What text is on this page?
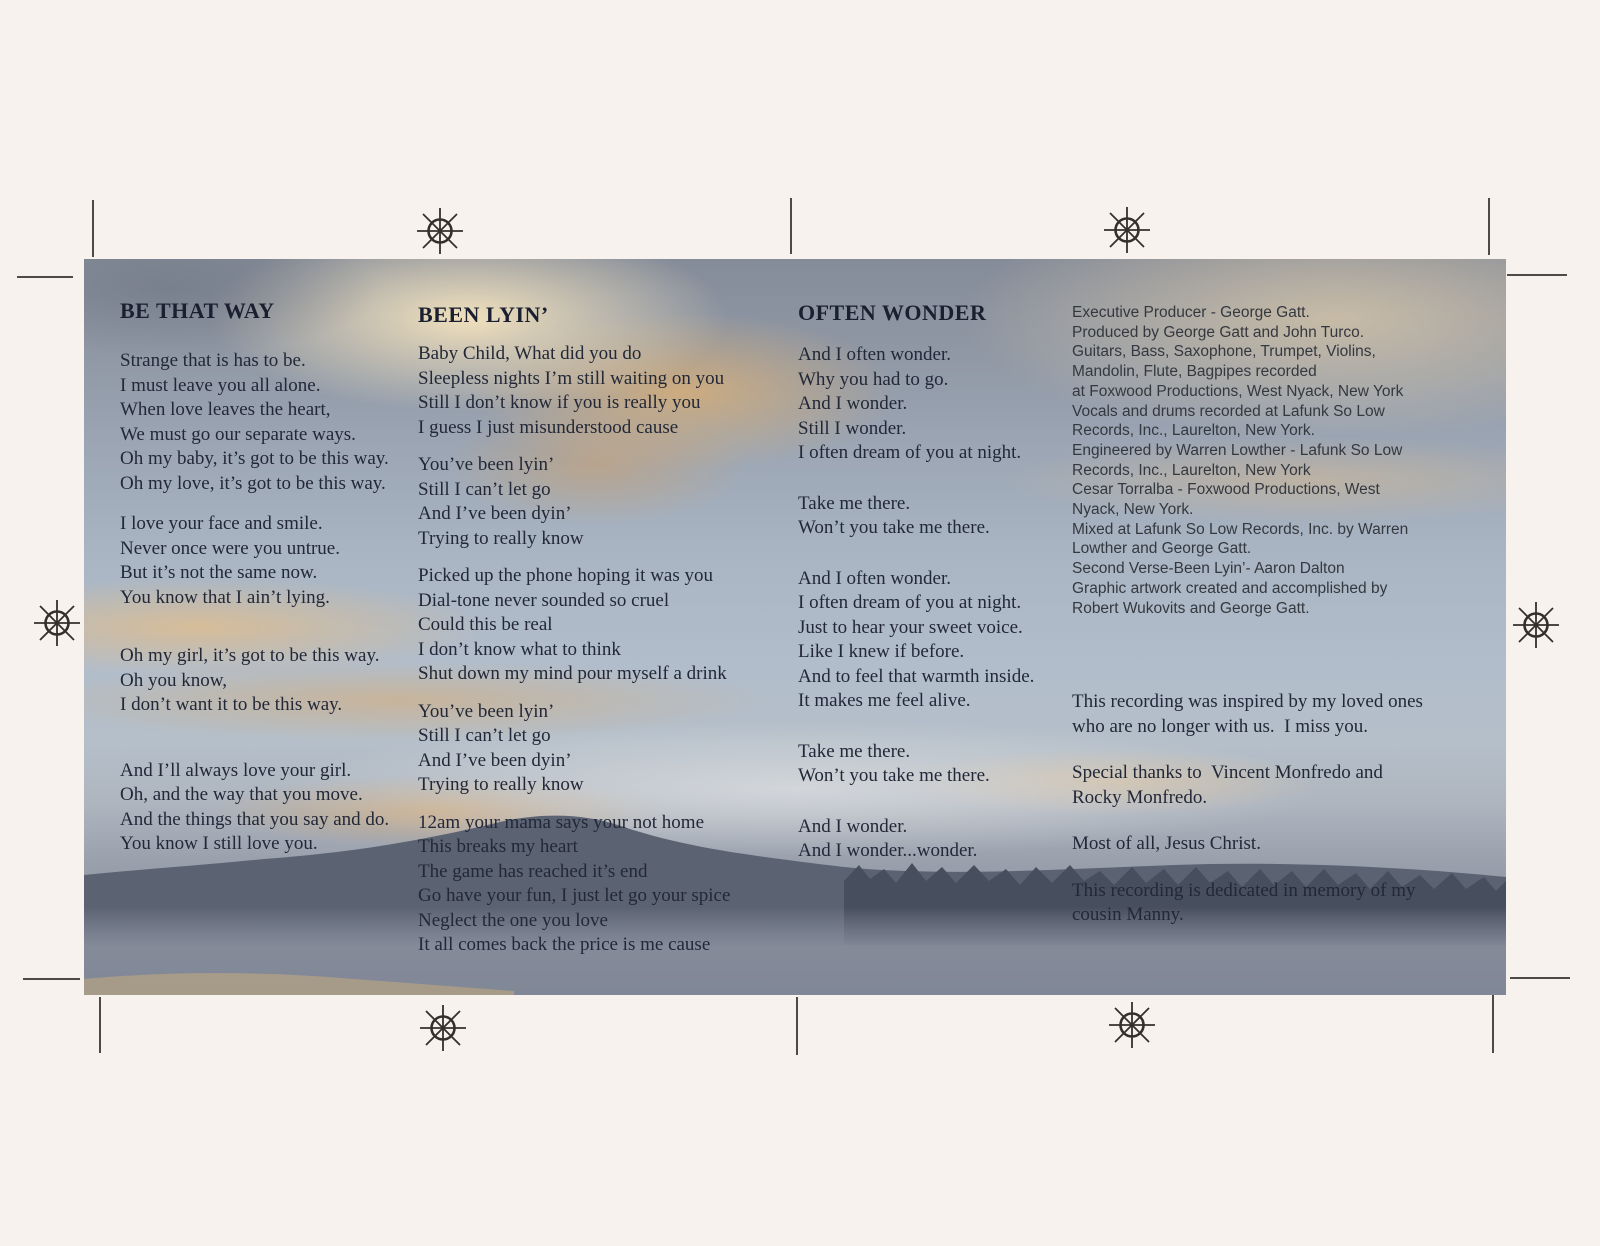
BE THAT WAY

Strange that is has to be.
I must leave you all alone.
When love leaves the heart,
We must go our separate ways.
Oh my baby, it’s got to be this way.
Oh my love, it’s got to be this way.

I love your face and smile.
Never once were you untrue.
But it’s not the same now.
You know that I ain’t lying.

Oh my girl, it’s got to be this way.
Oh you know,
I don’t want it to be this way.

And I’ll always love your girl.
Oh, and the way that you move.
And the things that you say and do.
You know I still love you.

BEEN LYIN’

Baby Child, What did you do
Sleepless nights I’m still waiting on you
Still I don’t know if you is really you
I guess I just misunderstood cause

You’ve been lyin’
Still I can’t let go
And I’ve been dyin’
Trying to really know

Picked up the phone hoping it was you
Dial-tone never sounded so cruel
Could this be real
I don’t know what to think
Shut down my mind pour myself a drink

You’ve been lyin’
Still I can’t let go
And I’ve been dyin’
Trying to really know

12am your mama says your not home
This breaks my heart
The game has reached it’s end
Go have your fun, I just let go your spice
Neglect the one you love
It all comes back the price is me cause

OFTEN WONDER

And I often wonder.
Why you had to go.
And I wonder.
Still I wonder.
I often dream of you at night.

Take me there.
Won’t you take me there.

And I often wonder.
I often dream of you at night.
Just to hear your sweet voice.
Like I knew if before.
And to feel that warmth inside.
It makes me feel alive.

Take me there.
Won’t you take me there.

And I wonder.
And I wonder...wonder.

Executive Producer - George Gatt.
Produced by George Gatt and John Turco.
Guitars, Bass, Saxophone, Trumpet, Violins,
Mandolin, Flute, Bagpipes recorded
at Foxwood Productions, West Nyack, New York
Vocals and drums recorded at Lafunk So Low
Records, Inc., Laurelton, New York.
Engineered by Warren Lowther - Lafunk So Low
Records, Inc., Laurelton, New York
Cesar Torralba - Foxwood Productions, West
Nyack, New York.
Mixed at Lafunk So Low Records, Inc. by Warren
Lowther and George Gatt.
Second Verse-Been Lyin’- Aaron Dalton
Graphic artwork created and accomplished by
Robert Wukovits and George Gatt.

This recording was inspired by my loved ones
who are no longer with us.  I miss you.

Special thanks to  Vincent Monfredo and
Rocky Monfredo.

Most of all, Jesus Christ.

This recording is dedicated in memory of my
cousin Manny.
